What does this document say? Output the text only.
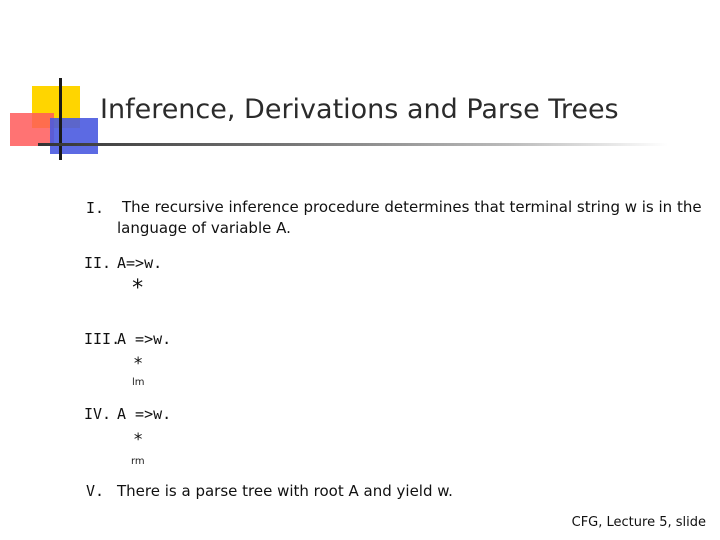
Inference, Derivations and Parse Trees
I. The recursive inference procedure determines that terminal string w is in the
language of variable A.
II. A=>w.
*
III.
A =>w.
*
lm
IV. A =>w.
*
rm
V. There is a parse tree with root A and yield w.
CFG, Lecture 5, slide
